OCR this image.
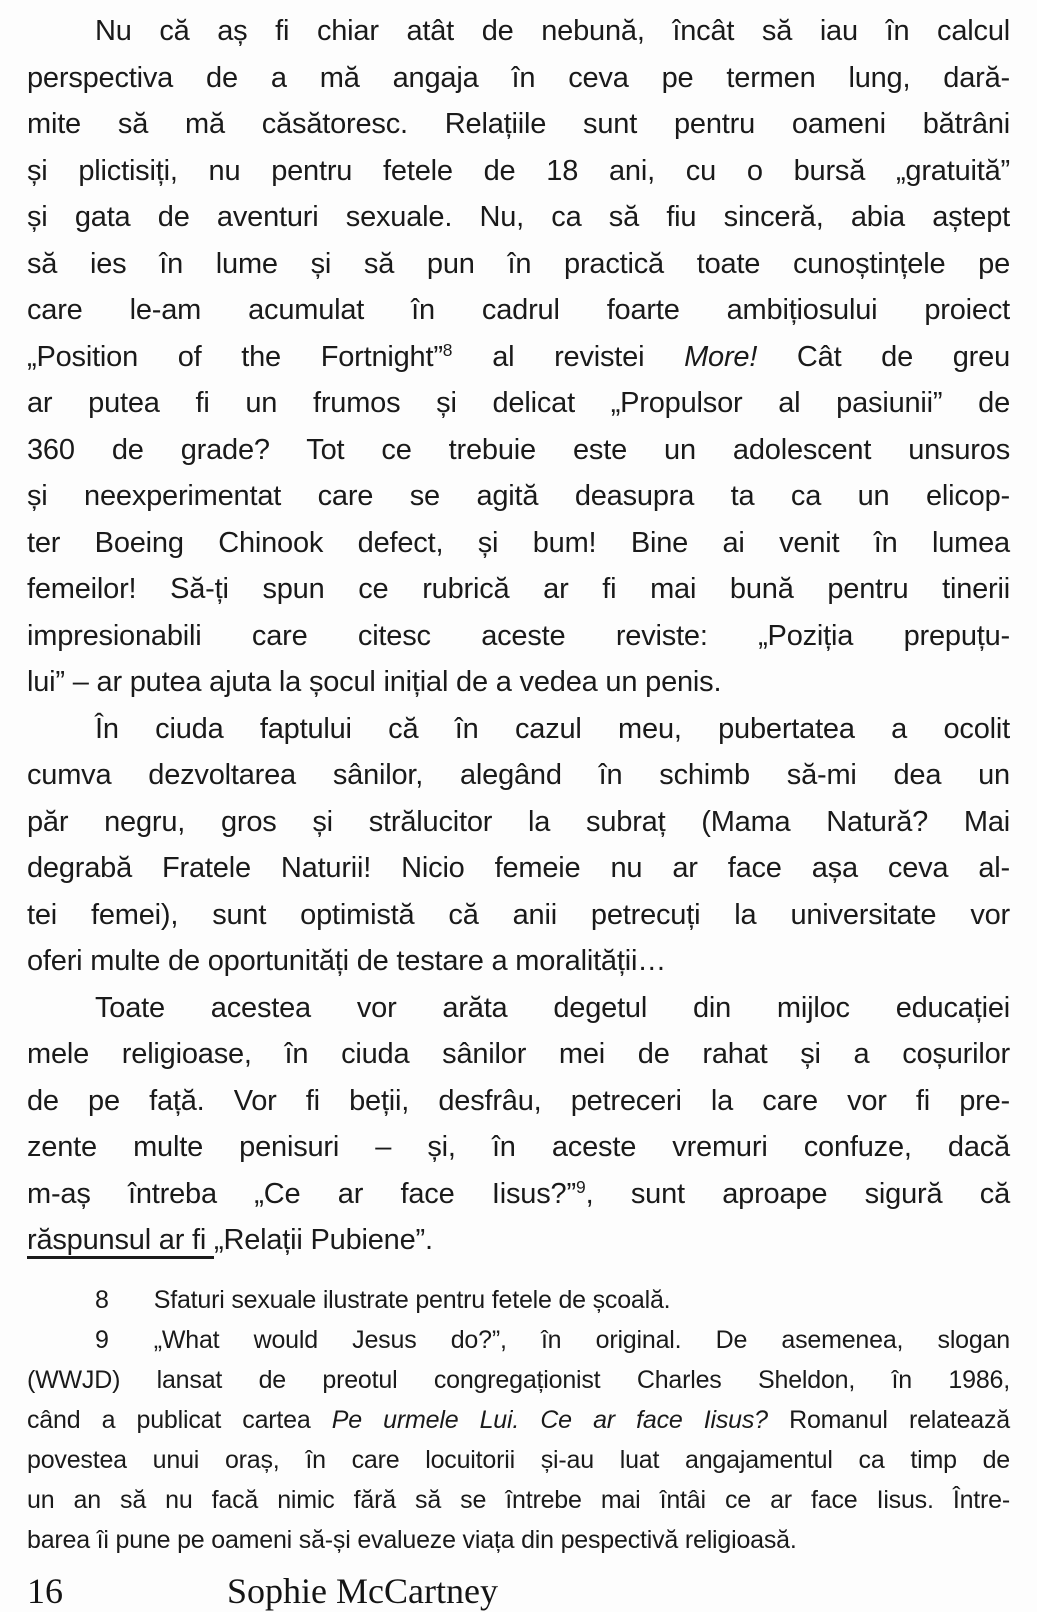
Nu că aș fi chiar atât de nebună, încât să iau în calcul
perspectiva de a mă angaja în ceva pe termen lung, dară-
mite să mă căsătoresc. Relațiile sunt pentru oameni bătrâni
și plictisiți, nu pentru fetele de 18 ani, cu o bursă „gratuită”
și gata de aventuri sexuale. Nu, ca să fiu sinceră, abia aștept
să ies în lume și să pun în practică toate cunoștințele pe
care le-am acumulat în cadrul foarte ambițiosului proiect
„Position of the Fortnight”$^8$ al revistei More! Cât de greu
ar putea fi un frumos și delicat „Propulsor al pasiunii” de
360 de grade? Tot ce trebuie este un adolescent unsuros
și neexperimentat care se agită deasupra ta ca un elicop-
ter Boeing Chinook defect, și bum! Bine ai venit în lumea
femeilor! Să-ți spun ce rubrică ar fi mai bună pentru tinerii
impresionabili care citesc aceste reviste: „Poziția prepuțu-
lui” – ar putea ajuta la șocul inițial de a vedea un penis.
În ciuda faptului că în cazul meu, pubertatea a ocolit
cumva dezvoltarea sânilor, alegând în schimb să-mi dea un
păr negru, gros și strălucitor la subraț (Mama Natură? Mai
degrabă Fratele Naturii! Nicio femeie nu ar face așa ceva al-
tei femei), sunt optimistă că anii petrecuți la universitate vor
oferi multe de oportunități de testare a moralității…
Toate acestea vor arăta degetul din mijloc educației
mele religioase, în ciuda sânilor mei de rahat și a coșurilor
de pe față. Vor fi beții, desfrâu, petreceri la care vor fi pre-
zente multe penisuri – și, în aceste vremuri confuze, dacă
m-aș întreba „Ce ar face Iisus?”$^9$, sunt aproape sigură că
răspunsul ar fi „Relații Pubiene”.
8 Sfaturi sexuale ilustrate pentru fetele de școală.
9 „What would Jesus do?”, în original. De asemenea, slogan
(WWJD) lansat de preotul congregaționist Charles Sheldon, în 1986,
când a publicat cartea Pe urmele Lui. Ce ar face Iisus? Romanul relatează
povestea unui oraș, în care locuitorii și-au luat angajamentul ca timp de
un an să nu facă nimic fără să se întrebe mai întâi ce ar face Iisus. Între-
barea îi pune pe oameni să-și evalueze viața din pespectivă religioasă.
16	Sophie McCartney
